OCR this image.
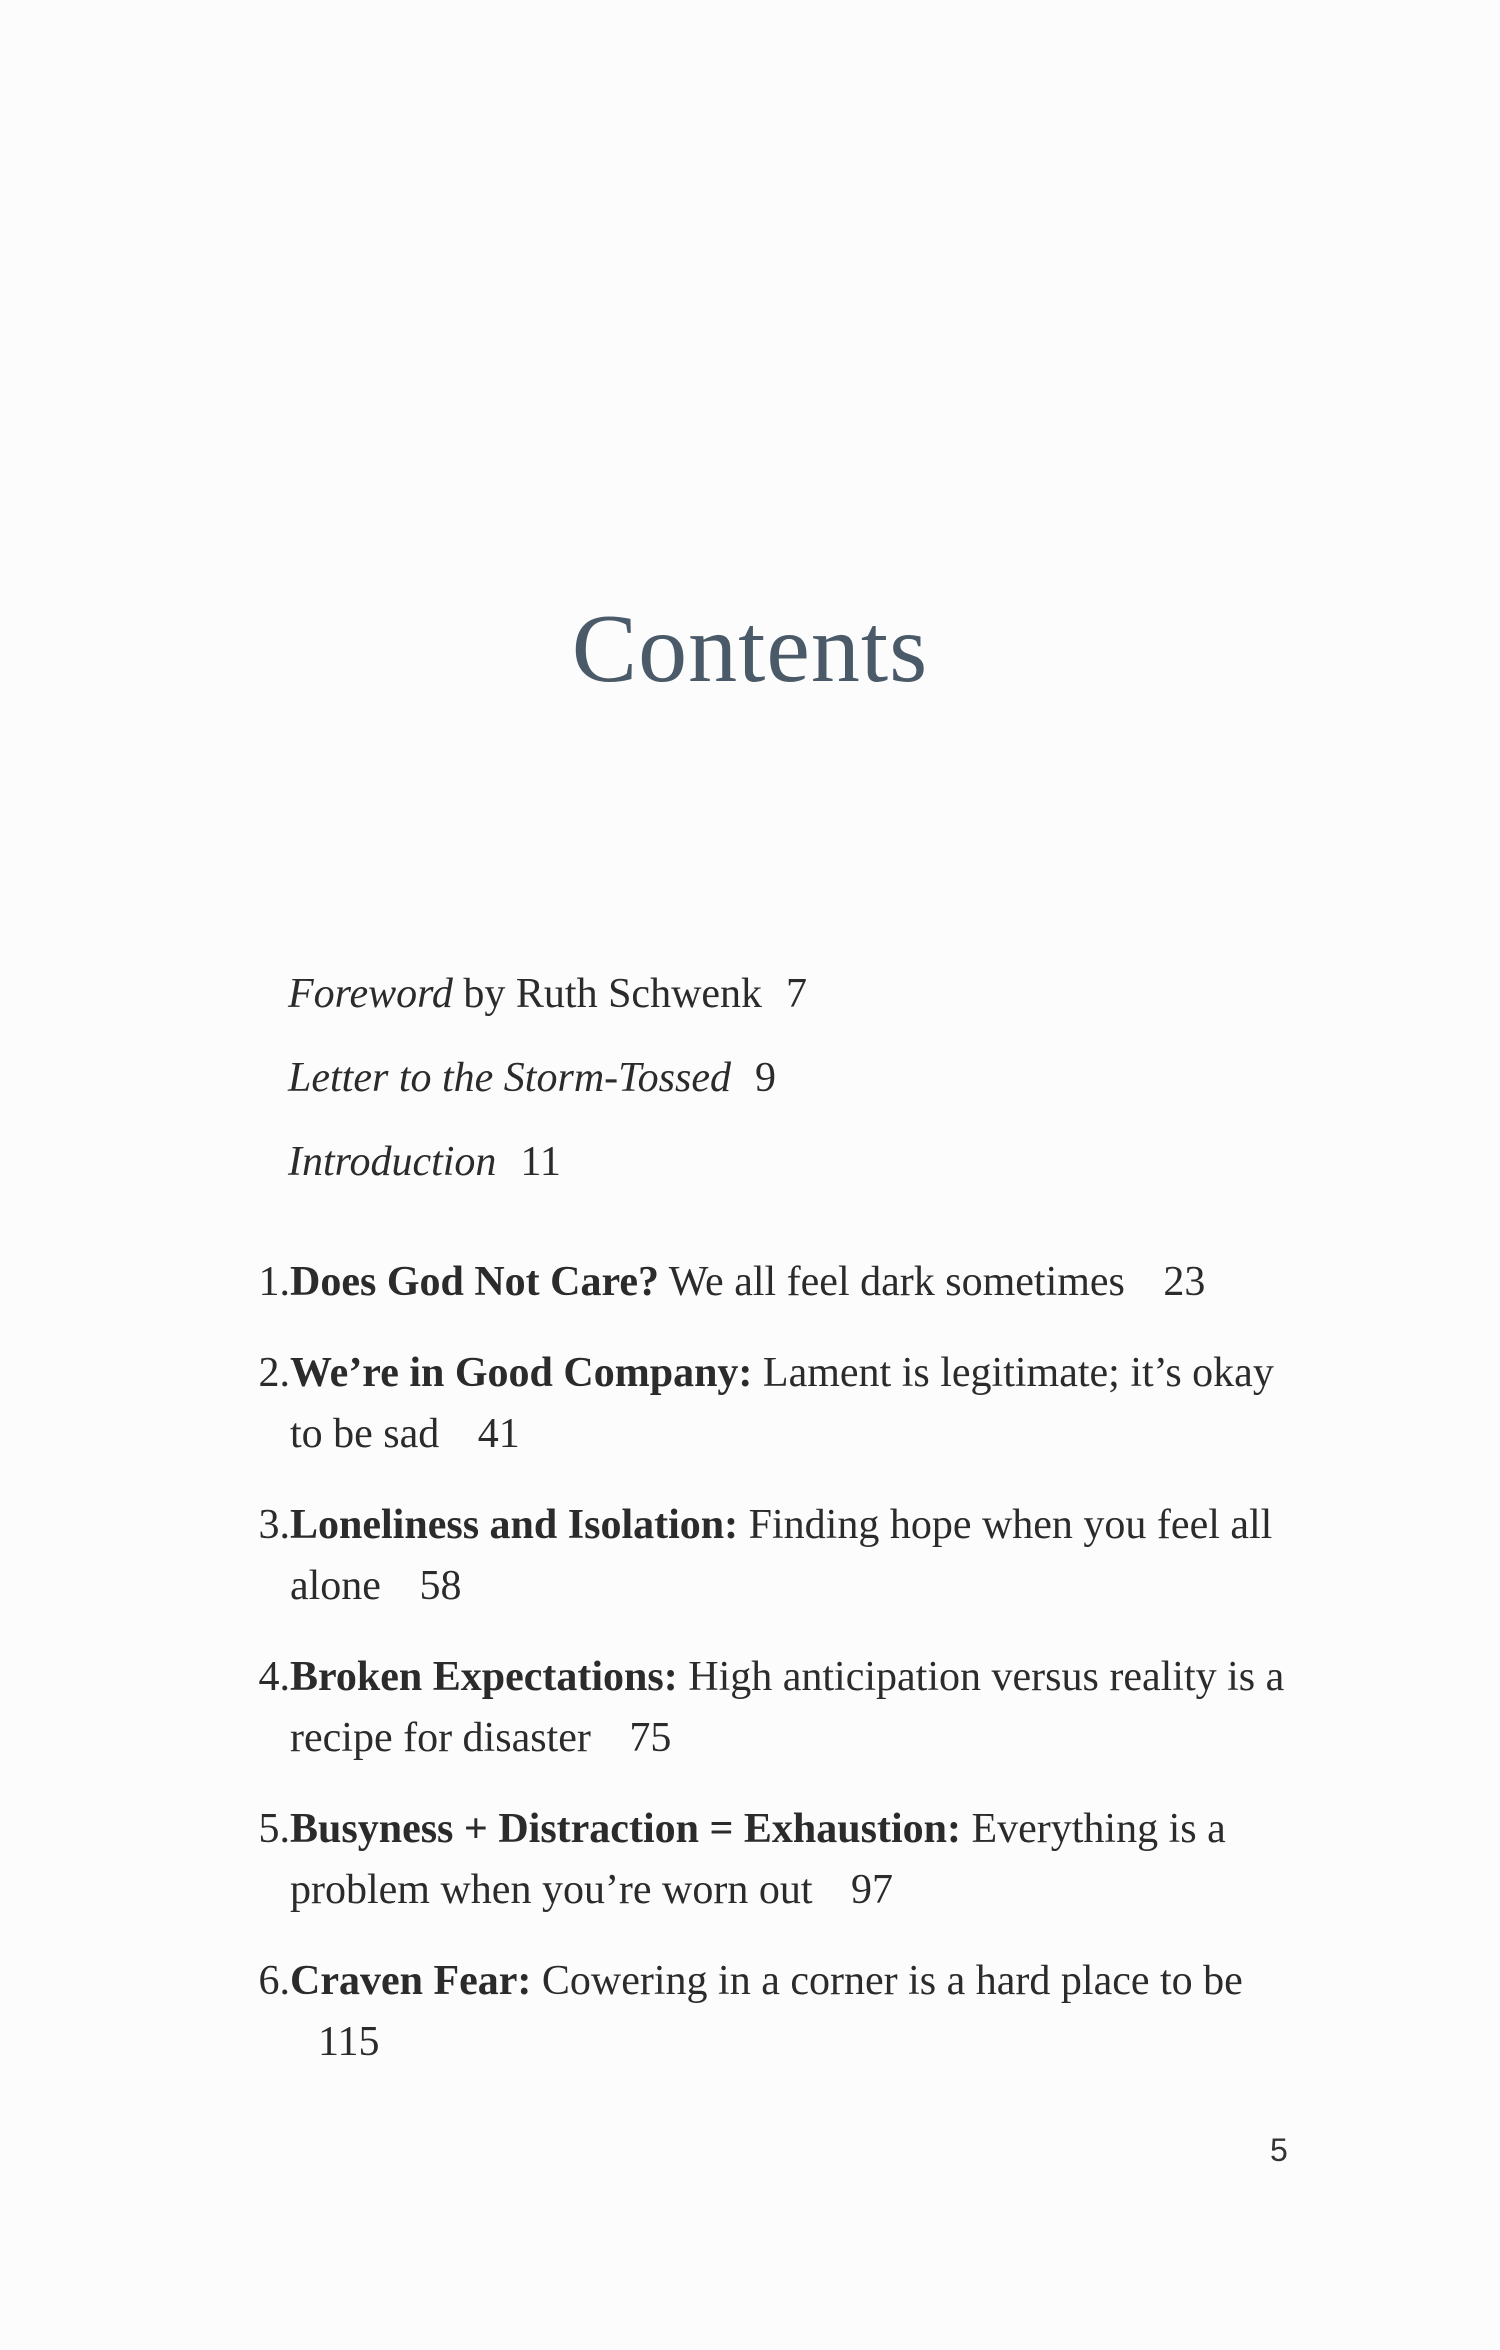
Contents
Foreword by Ruth Schwenk 7
Letter to the Storm-Tossed 9
Introduction 11
1. Does God Not Care? We all feel dark sometimes 23
2. We’re in Good Company: Lament is legitimate; it’s okay to be sad 41
3. Loneliness and Isolation: Finding hope when you feel all alone 58
4. Broken Expectations: High anticipation versus reality is a recipe for disaster 75
5. Busyness + Distraction = Exhaustion: Everything is a problem when you’re worn out 97
6. Craven Fear: Cowering in a corner is a hard place to be 115
5
